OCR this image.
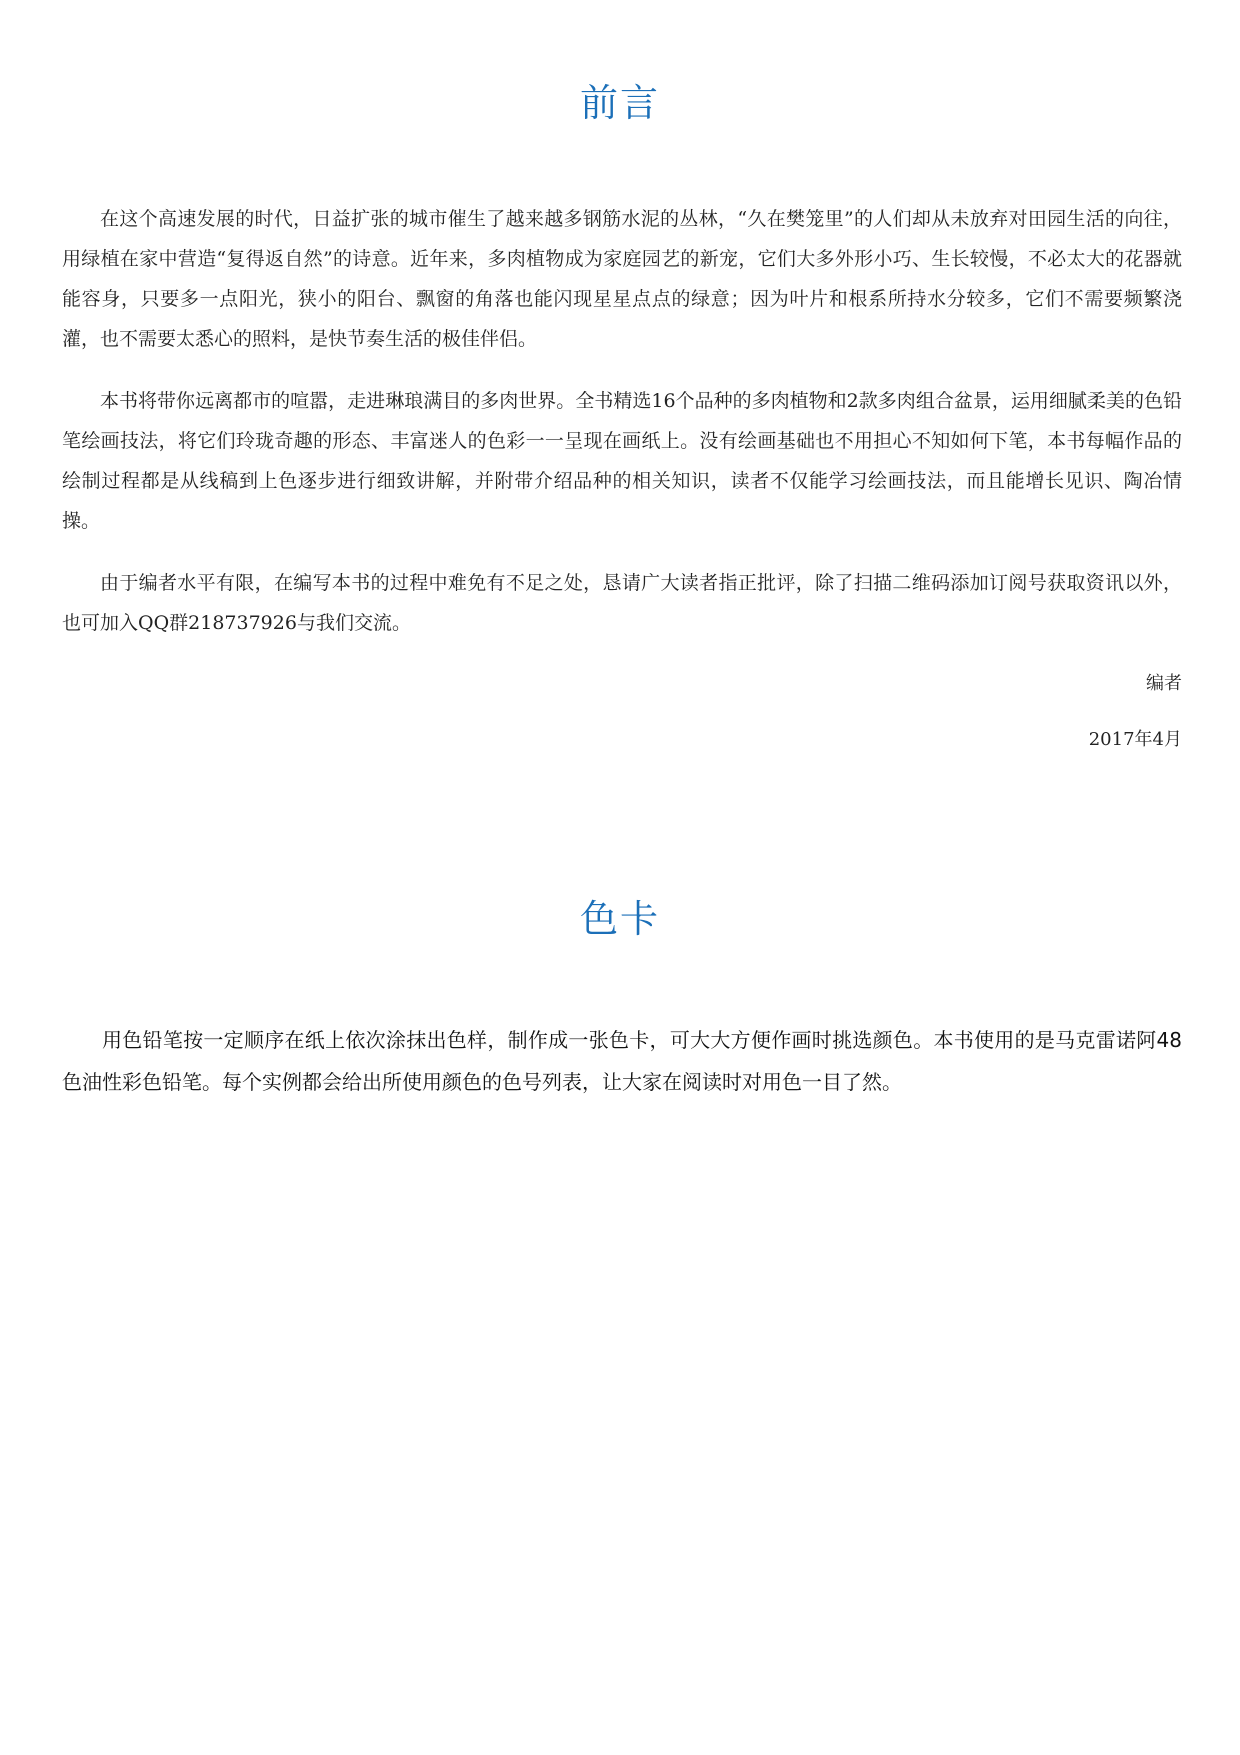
前言

在这个高速发展的时代，日益扩张的城市催生了越来越多钢筋水泥的丛林，“久在樊笼里”的人们却从未放弃对田园生活的向往，用绿植在家中营造“复得返自然”的诗意。近年来，多肉植物成为家庭园艺的新宠，它们大多外形小巧、生长较慢，不必太大的花器就能容身，只要多一点阳光，狭小的阳台、飘窗的角落也能闪现星星点点的绿意；因为叶片和根系所持水分较多，它们不需要频繁浇灌，也不需要太悉心的照料，是快节奏生活的极佳伴侣。

本书将带你远离都市的喧嚣，走进琳琅满目的多肉世界。全书精选16个品种的多肉植物和2款多肉组合盆景，运用细腻柔美的色铅笔绘画技法，将它们玲珑奇趣的形态、丰富迷人的色彩一一呈现在画纸上。没有绘画基础也不用担心不知如何下笔，本书每幅作品的绘制过程都是从线稿到上色逐步进行细致讲解，并附带介绍品种的相关知识，读者不仅能学习绘画技法，而且能增长见识、陶冶情操。

由于编者水平有限，在编写本书的过程中难免有不足之处，恳请广大读者指正批评，除了扫描二维码添加订阅号获取资讯以外，也可加入QQ群218737926与我们交流。

编者
2017年4月
色卡

用色铅笔按一定顺序在纸上依次涂抹出色样，制作成一张色卡，可大大方便作画时挑选颜色。本书使用的是马克雷诺阿48色油性彩色铅笔。每个实例都会给出所使用颜色的色号列表，让大家在阅读时对用色一目了然。
